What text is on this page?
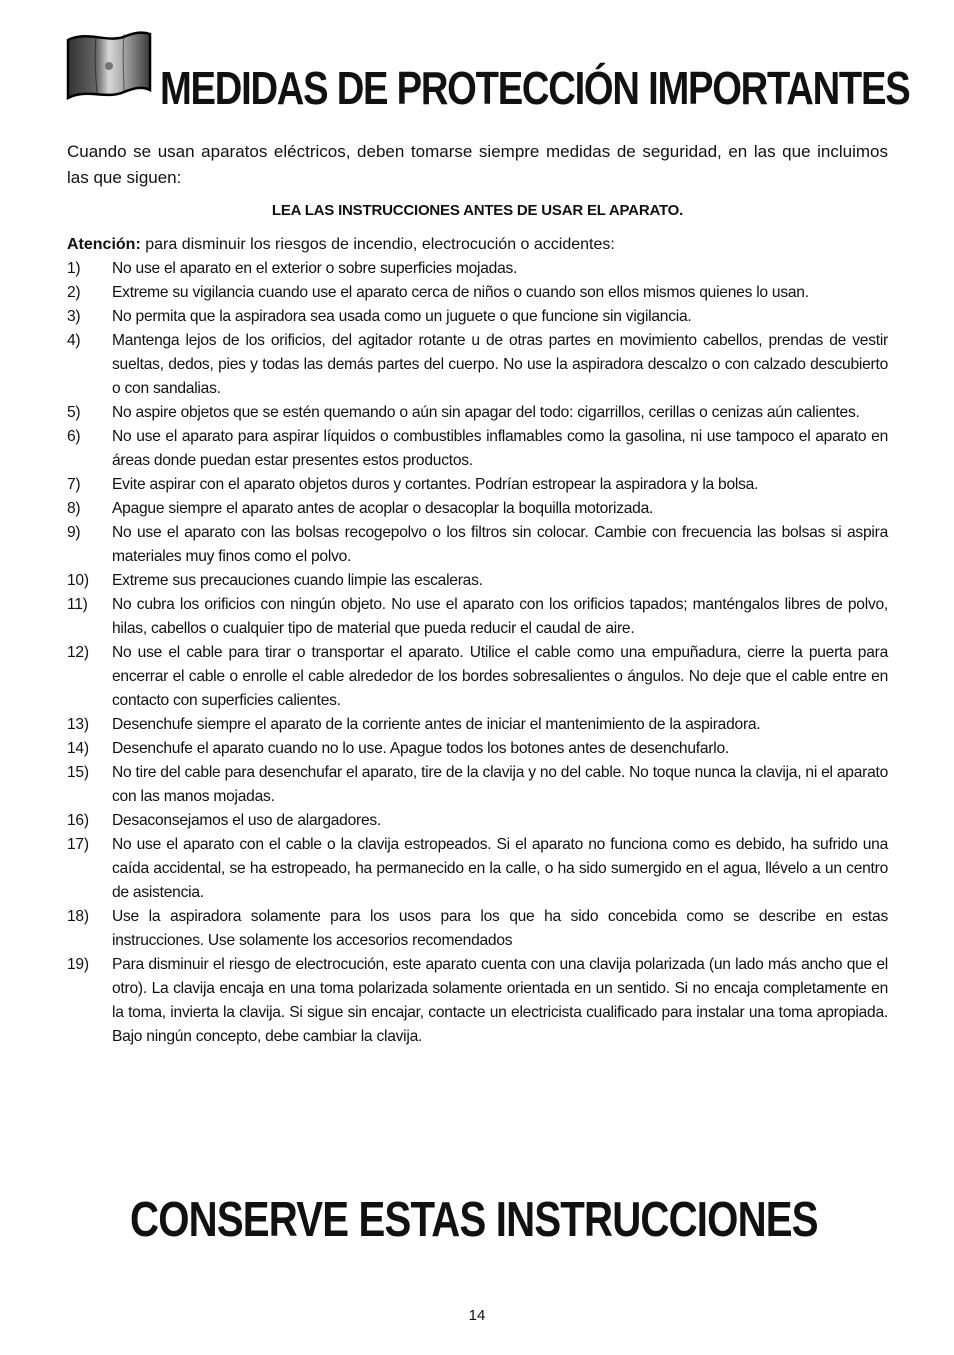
MEDIDAS DE PROTECCIÓN IMPORTANTES

Cuando se usan aparatos eléctricos, deben tomarse siempre medidas de seguridad, en las que incluimos las que siguen:

LEA LAS INSTRUCCIONES ANTES DE USAR EL APARATO.

Atención: para disminuir los riesgos de incendio, electrocución o accidentes:

1)	No use el aparato en el exterior o sobre superficies mojadas.
2)	Extreme su vigilancia cuando use el aparato cerca de niños o cuando son ellos mismos quienes lo usan.
3)	No permita que la aspiradora sea usada como un juguete o que funcione sin vigilancia.
4)	Mantenga lejos de los orificios, del agitador rotante u de otras partes en movimiento cabellos, prendas de vestir sueltas, dedos, pies y todas las demás partes del cuerpo. No use la aspiradora descalzo o con calzado descubierto o con sandalias.
5)	No aspire objetos que se estén quemando o aún sin apagar del todo: cigarrillos, cerillas o cenizas aún calientes.
6)	No use el aparato para aspirar líquidos o combustibles inflamables como la gasolina, ni use tampoco el aparato en áreas donde puedan estar presentes estos productos.
7)	Evite aspirar con el aparato objetos duros y cortantes. Podrían estropear la aspiradora y la bolsa.
8)	Apague siempre el aparato antes de acoplar o desacoplar la boquilla motorizada.
9)	No use el aparato con las bolsas recogepolvo o los filtros sin colocar. Cambie con frecuencia las bolsas si aspira materiales muy finos como el polvo.
10)	Extreme sus precauciones cuando limpie las escaleras.
11)	No cubra los orificios con ningún objeto. No use el aparato con los orificios tapados; manténgalos libres de polvo, hilas, cabellos o cualquier tipo de material que pueda reducir el caudal de aire.
12)	No use el cable para tirar o transportar el aparato. Utilice el cable como una empuñadura, cierre la puerta para encerrar el cable o enrolle el cable alrededor de los bordes sobresalientes o ángulos. No deje que el cable entre en contacto con superficies calientes.
13)	Desenchufe siempre el aparato de la corriente antes de iniciar el mantenimiento de la aspiradora.
14)	Desenchufe el aparato cuando no lo use. Apague todos los botones antes de desenchufarlo.
15)	No tire del cable para desenchufar el aparato, tire de la clavija y no del cable. No toque nunca la clavija, ni el aparato con las manos mojadas.
16)	Desaconsejamos el uso de alargadores.
17)	No use el aparato con el cable o la clavija estropeados. Si el aparato no funciona como es debido, ha sufrido una caída accidental, se ha estropeado, ha permanecido en la calle, o ha sido sumergido en el agua, llévelo a un centro de asistencia.
18)	Use la aspiradora solamente para los usos para los que ha sido concebida como se describe en estas instrucciones. Use solamente los accesorios recomendados
19)	Para disminuir el riesgo de electrocución, este aparato cuenta con una clavija polarizada (un lado más ancho que el otro). La clavija encaja en una toma polarizada solamente orientada en un sentido. Si no encaja completamente en la toma, invierta la clavija. Si sigue sin encajar, contacte un electricista cualificado para instalar una toma apropiada. Bajo ningún concepto, debe cambiar la clavija.
CONSERVE ESTAS INSTRUCCIONES
14
